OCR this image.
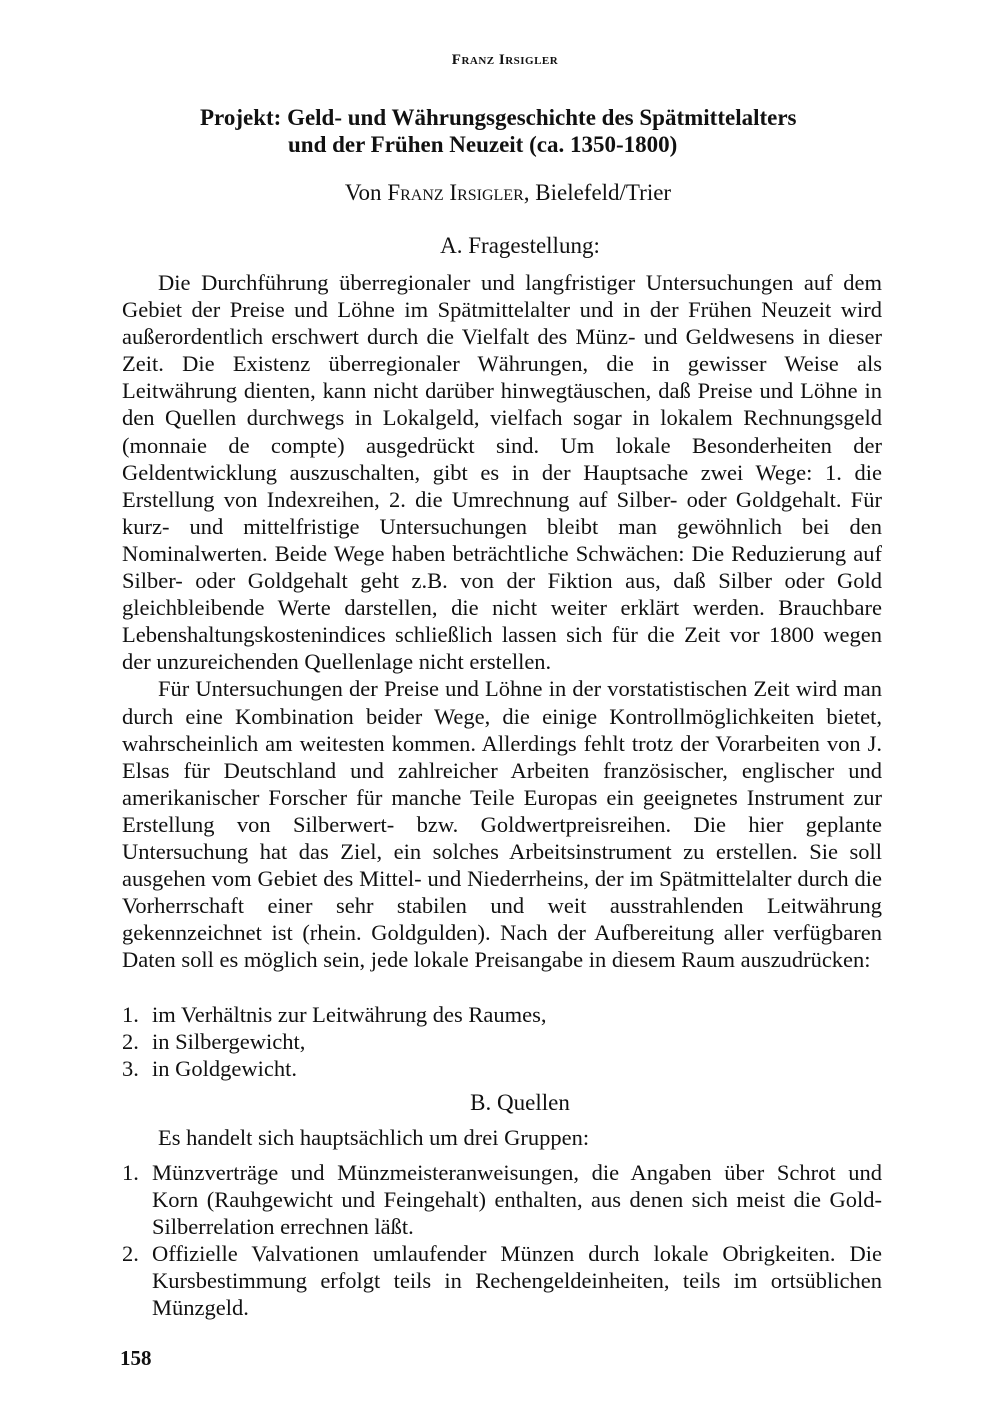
Franz Irsigler
Projekt: Geld- und Währungsgeschichte des Spätmittelalters
und der Frühen Neuzeit (ca. 1350-1800)
Von Franz Irsigler, Bielefeld/Trier
A. Fragestellung:

Die Durchführung überregionaler und langfristiger Untersuchungen auf dem Gebiet der Preise und Löhne im Spätmittelalter und in der Frühen Neuzeit wird außerordentlich erschwert durch die Vielfalt des Münz- und Geldwesens in dieser Zeit. Die Existenz überregionaler Währungen, die in gewisser Weise als Leitwährung dienten, kann nicht darüber hinwegtäuschen, daß Preise und Löhne in den Quellen durchwegs in Lokalgeld, vielfach sogar in lokalem Rechnungsgeld (monnaie de compte) ausgedrückt sind. Um lokale Besonderheiten der Geldentwicklung auszuschalten, gibt es in der Hauptsache zwei Wege: 1. die Erstellung von Indexreihen, 2. die Umrechnung auf Silber- oder Goldgehalt. Für kurz- und mittelfristige Untersuchungen bleibt man gewöhnlich bei den Nominalwerten. Beide Wege haben beträchtliche Schwächen: Die Reduzierung auf Silber- oder Goldgehalt geht z.B. von der Fiktion aus, daß Silber oder Gold gleichbleibende Werte darstellen, die nicht weiter erklärt werden. Brauchbare Lebenshaltungskostenindices schließlich lassen sich für die Zeit vor 1800 wegen der unzureichenden Quellenlage nicht erstellen.

Für Untersuchungen der Preise und Löhne in der vorstatistischen Zeit wird man durch eine Kombination beider Wege, die einige Kontrollmöglichkeiten bietet, wahrscheinlich am weitesten kommen. Allerdings fehlt trotz der Vorarbeiten von J. Elsas für Deutschland und zahlreicher Arbeiten französischer, englischer und amerikanischer Forscher für manche Teile Europas ein geeignetes Instrument zur Erstellung von Silberwert- bzw. Goldwertpreisreihen. Die hier geplante Untersuchung hat das Ziel, ein solches Arbeitsinstrument zu erstellen. Sie soll ausgehen vom Gebiet des Mittel- und Niederrheins, der im Spätmittelalter durch die Vorherrschaft einer sehr stabilen und weit ausstrahlenden Leitwährung gekennzeichnet ist (rhein. Goldgulden). Nach der Aufbereitung aller verfügbaren Daten soll es möglich sein, jede lokale Preisangabe in diesem Raum auszudrücken:

1. im Verhältnis zur Leitwährung des Raumes,
2. in Silbergewicht,
3. in Goldgewicht.
B. Quellen
Es handelt sich hauptsächlich um drei Gruppen:
1. Münzverträge und Münzmeisteranweisungen, die Angaben über Schrot und Korn (Rauhgewicht und Feingehalt) enthalten, aus denen sich meist die Gold-Silberrelation errechnen läßt.
2. Offizielle Valvationen umlaufender Münzen durch lokale Obrigkeiten. Die Kursbestimmung erfolgt teils in Rechengeldeinheiten, teils im ortsüblichen Münzgeld.
158
